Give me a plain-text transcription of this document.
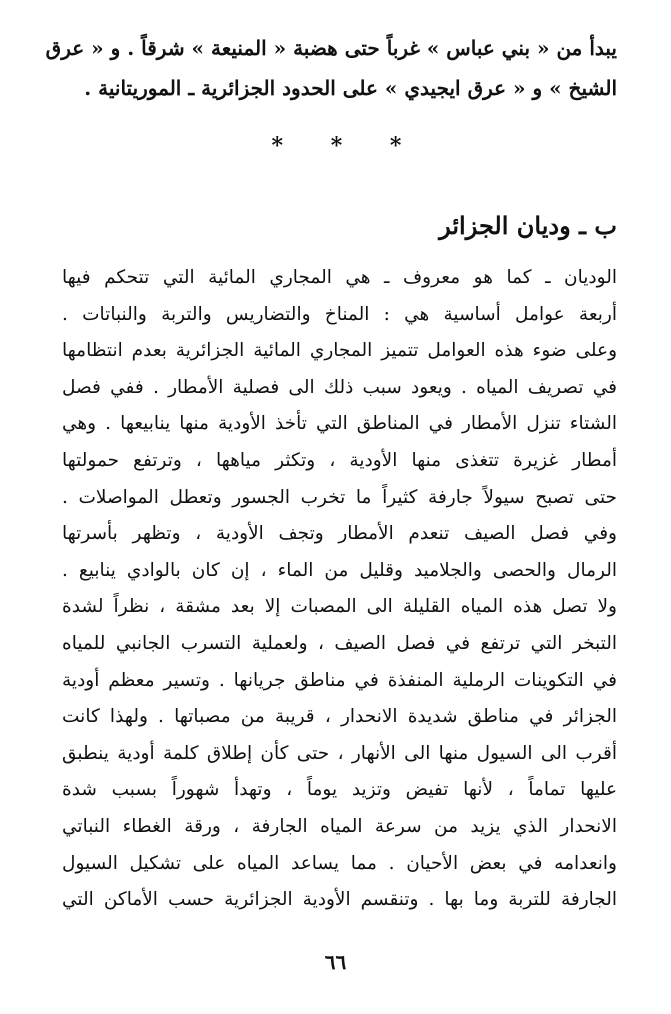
يبدأ من « بني عباس » غرباً حتى هضبة « المنيعة » شرقاً . و « عرق
الشيخ » و « عرق ايجيدي » على الحدود الجزائرية ـ الموريتانية .

* * *
ب ـ وديان الجزائر

الوديان ـ كما هو معروف ـ هي المجاري المائية التي تتحكم فيها
أربعة عوامل أساسية هي : المناخ والتضاريس والتربة والنباتات .
وعلى ضوء هذه العوامل تتميز المجاري المائية الجزائرية بعدم انتظامها
في تصريف المياه . ويعود سبب ذلك الى فصلية الأمطار . ففي فصل
الشتاء تنزل الأمطار في المناطق التي تأخذ الأودية منها ينابيعها . وهي
أمطار غزيرة تتغذى منها الأودية ، وتكثر مياهها ، وترتفع حمولتها
حتى تصبح سيولاً جارفة كثيراً ما تخرب الجسور وتعطل المواصلات .
وفي فصل الصيف تنعدم الأمطار وتجف الأودية ، وتظهر بأسرتها
الرمال والحصى والجلاميد وقليل من الماء ، إن كان بالوادي ينابيع .
ولا تصل هذه المياه القليلة الى المصبات إلا بعد مشقة ، نظراً لشدة
التبخر التي ترتفع في فصل الصيف ، ولعملية التسرب الجانبي للمياه
في التكوينات الرملية المنفذة في مناطق جريانها . وتسير معظم أودية
الجزائر في مناطق شديدة الانحدار ، قريبة من مصباتها . ولهذا كانت
أقرب الى السيول منها الى الأنهار ، حتى كأن إطلاق كلمة أودية ينطبق
عليها تماماً ، لأنها تفيض وتزيد يوماً ، وتهدأ شهوراً بسبب شدة
الانحدار الذي يزيد من سرعة المياه الجارفة ، ورقة الغطاء النباتي
وانعدامه في بعض الأحيان . مما يساعد المياه على تشكيل السيول
الجارفة للتربة وما بها . وتنقسم الأودية الجزائرية حسب الأماكن التي

٦٦
